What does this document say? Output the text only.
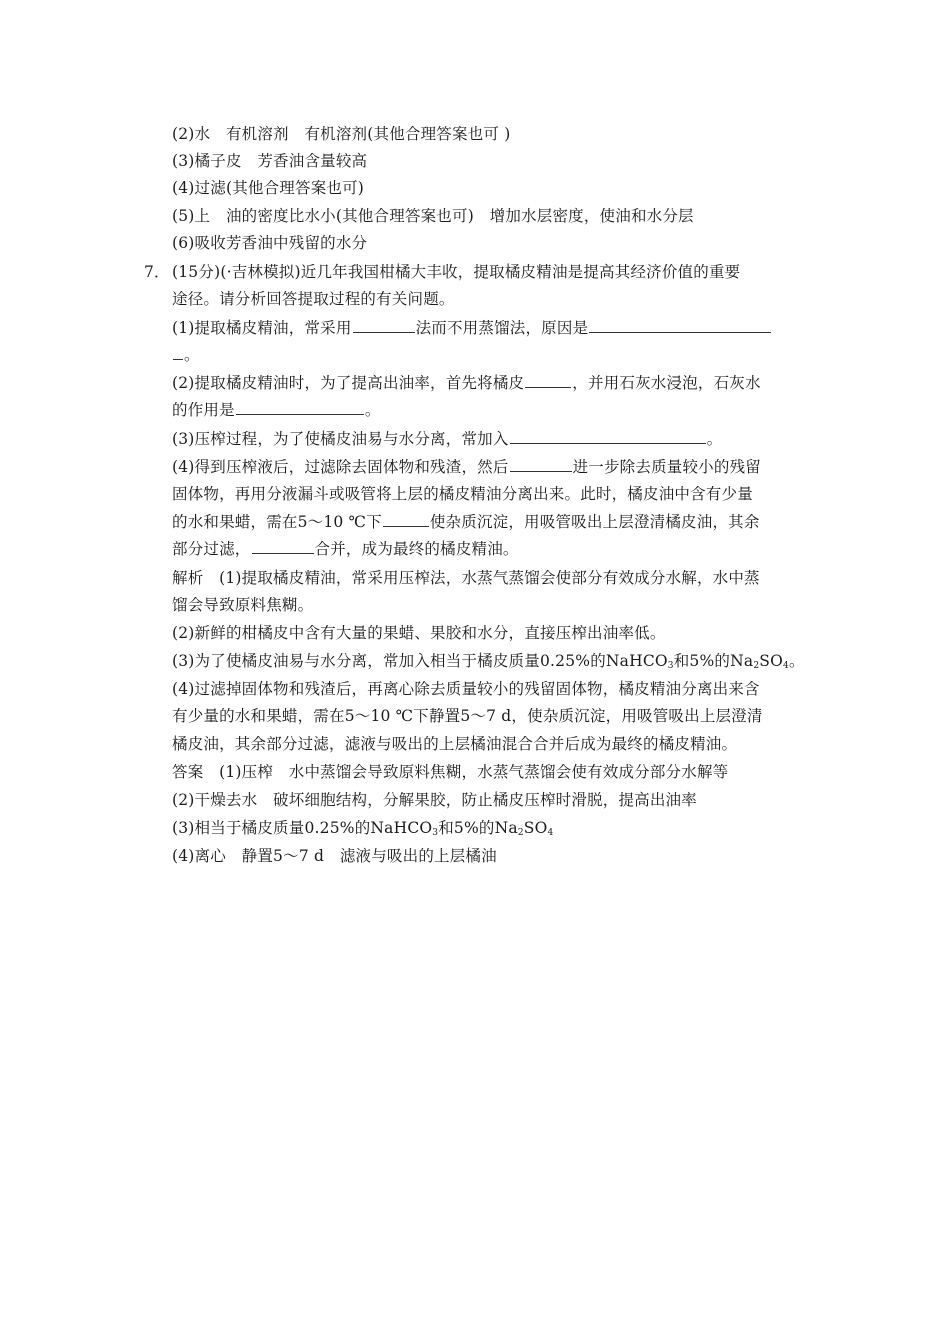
(2)水　有机溶剂　有机溶剂(其他合理答案也可 )
(3)橘子皮　芳香油含量较高
(4)过滤(其他合理答案也可)
(5)上　油的密度比水小(其他合理答案也可)　增加水层密度，使油和水分层
(6)吸收芳香油中残留的水分
7． (15分)(·吉林模拟)近几年我国柑橘大丰收，提取橘皮精油是提高其经济价值的重要
途径。请分析回答提取过程的有关问题。
(1)提取橘皮精油，常采用	法而不用蒸馏法，原因是
。
(2)提取橘皮精油时，为了提高出油率，首先将橘皮	，并用石灰水浸泡，石灰水
的作用是	。
(3)压榨过程，为了使橘皮油易与水分离，常加入	。
(4)得到压榨液后，过滤除去固体物和残渣，然后	进一步除去质量较小的残留
固体物，再用分液漏斗或吸管将上层的橘皮精油分离出来。此时，橘皮油中含有少量
的水和果蜡，需在5～10 ℃下	使杂质沉淀，用吸管吸出上层澄清橘皮油，其余
部分过滤，	合并，成为最终的橘皮精油。
解析　(1)提取橘皮精油，常采用压榨法，水蒸气蒸馏会使部分有效成分水解，水中蒸
馏会导致原料焦糊。
(2)新鲜的柑橘皮中含有大量的果蜡、果胶和水分，直接压榨出油率低。
(3)为了使橘皮油易与水分离，常加入相当于橘皮质量0.25%的NaHCO$_3$和5%的$Na_2SO_4$。
(4)过滤掉固体物和残渣后，再离心除去质量较小的残留固体物，橘皮精油分离出来含
有少量的水和果蜡，需在5～10 ℃下静置5～7 d，使杂质沉淀，用吸管吸出上层澄清
橘皮油，其余部分过滤，滤液与吸出的上层橘油混合合并后成为最终的橘皮精油。
答案　(1)压榨　水中蒸馏会导致原料焦糊，水蒸气蒸馏会使有效成分部分水解等
(2)干燥去水　破坏细胞结构，分解果胶，防止橘皮压榨时滑脱，提高出油率
(3)相当于橘皮质量0.25%的NaHCO$_3$和5%的$Na_2SO_4$
(4)离心　静置5～7 d　滤液与吸出的上层橘油
